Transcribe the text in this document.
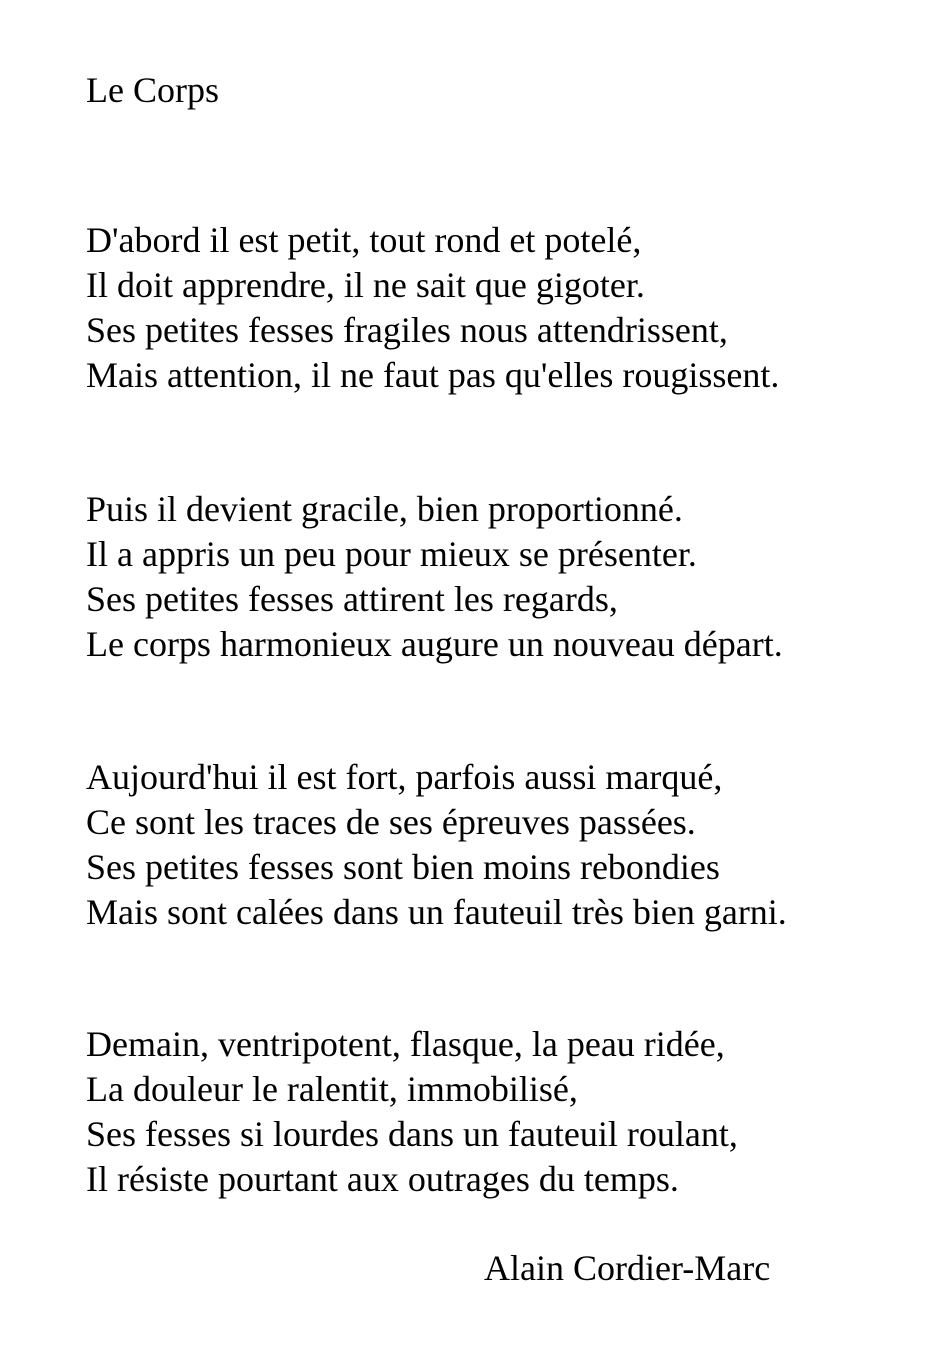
Le Corps
D'abord il est petit, tout rond et potelé,
Il doit apprendre, il ne sait que gigoter.
Ses petites fesses fragiles nous attendrissent,
Mais attention, il ne faut pas qu'elles rougissent.
Puis il devient gracile, bien proportionné.
Il a appris un peu pour mieux se présenter.
Ses petites fesses attirent les regards,
Le corps harmonieux augure un nouveau départ.
Aujourd'hui il est fort, parfois aussi marqué,
Ce sont les traces de ses épreuves passées.
Ses petites fesses sont bien moins rebondies
Mais sont calées dans un fauteuil très bien garni.
Demain, ventripotent, flasque, la peau ridée,
La douleur le ralentit, immobilisé,
Ses fesses si lourdes dans un fauteuil roulant,
Il résiste pourtant aux outrages du temps.
Alain Cordier-Marc
